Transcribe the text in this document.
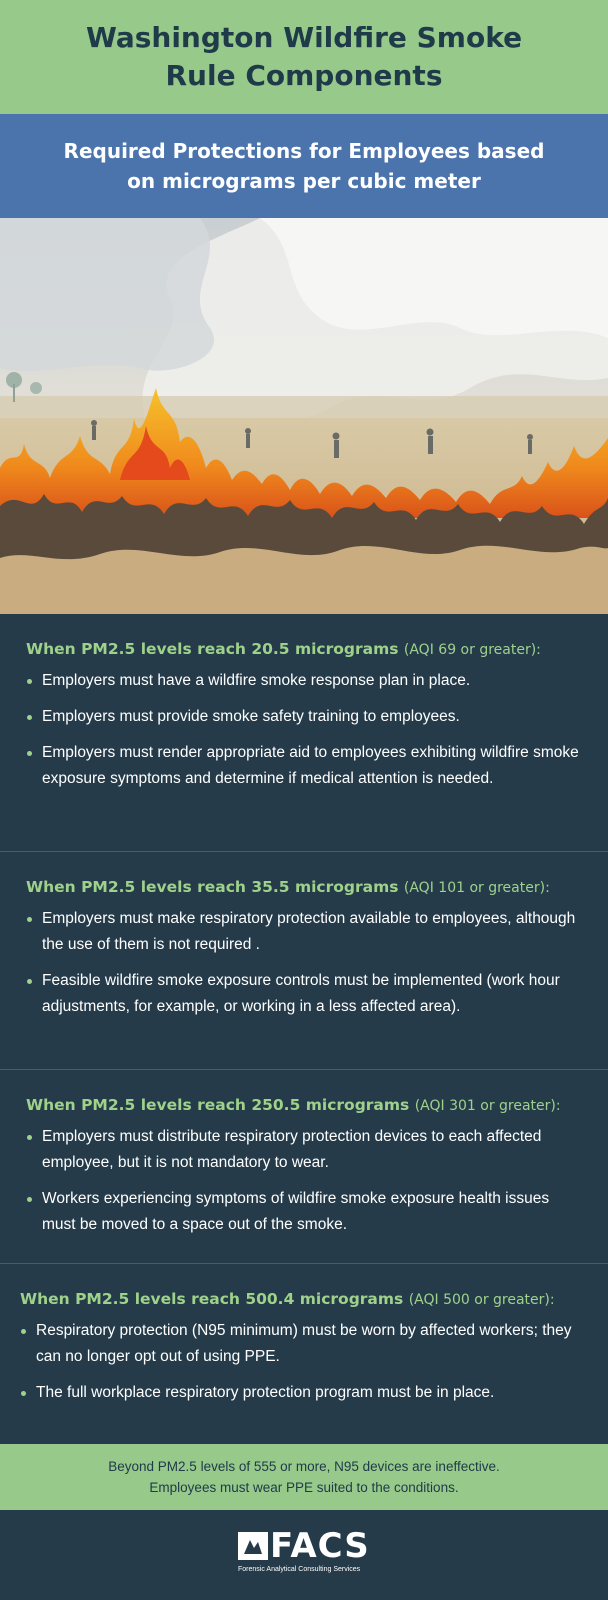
Washington Wildfire Smoke
Rule Components
Required Protections for Employees based
on micrograms per cubic meter
When PM2.5 levels reach 20.5 micrograms (AQI 69 or greater):
Employers must have a wildfire smoke response plan in place.
Employers must provide smoke safety training to employees.
Employers must render appropriate aid to employees exhibiting wildfire smoke exposure symptoms and determine if medical attention is needed.
When PM2.5 levels reach 35.5 micrograms (AQI 101 or greater):
Employers must make respiratory protection available to employees, although the use of them is not required .
Feasible wildfire smoke exposure controls must be implemented (work hour adjustments, for example, or working in a less affected area).
When PM2.5 levels reach 250.5 micrograms (AQI 301 or greater):
Employers must distribute respiratory protection devices to each affected employee, but it is not mandatory to wear.
Workers experiencing symptoms of wildfire smoke exposure health issues must be moved to a space out of the smoke.
When PM2.5 levels reach 500.4 micrograms (AQI 500 or greater):
Respiratory protection (N95 minimum) must be worn by affected workers; they can no longer opt out of using PPE.
The full workplace respiratory protection program must be in place.

Beyond PM2.5 levels of 555 or more, N95 devices are ineffective.

Employees must wear PPE suited to the conditions.

FACS
Forensic Analytical Consulting Services
